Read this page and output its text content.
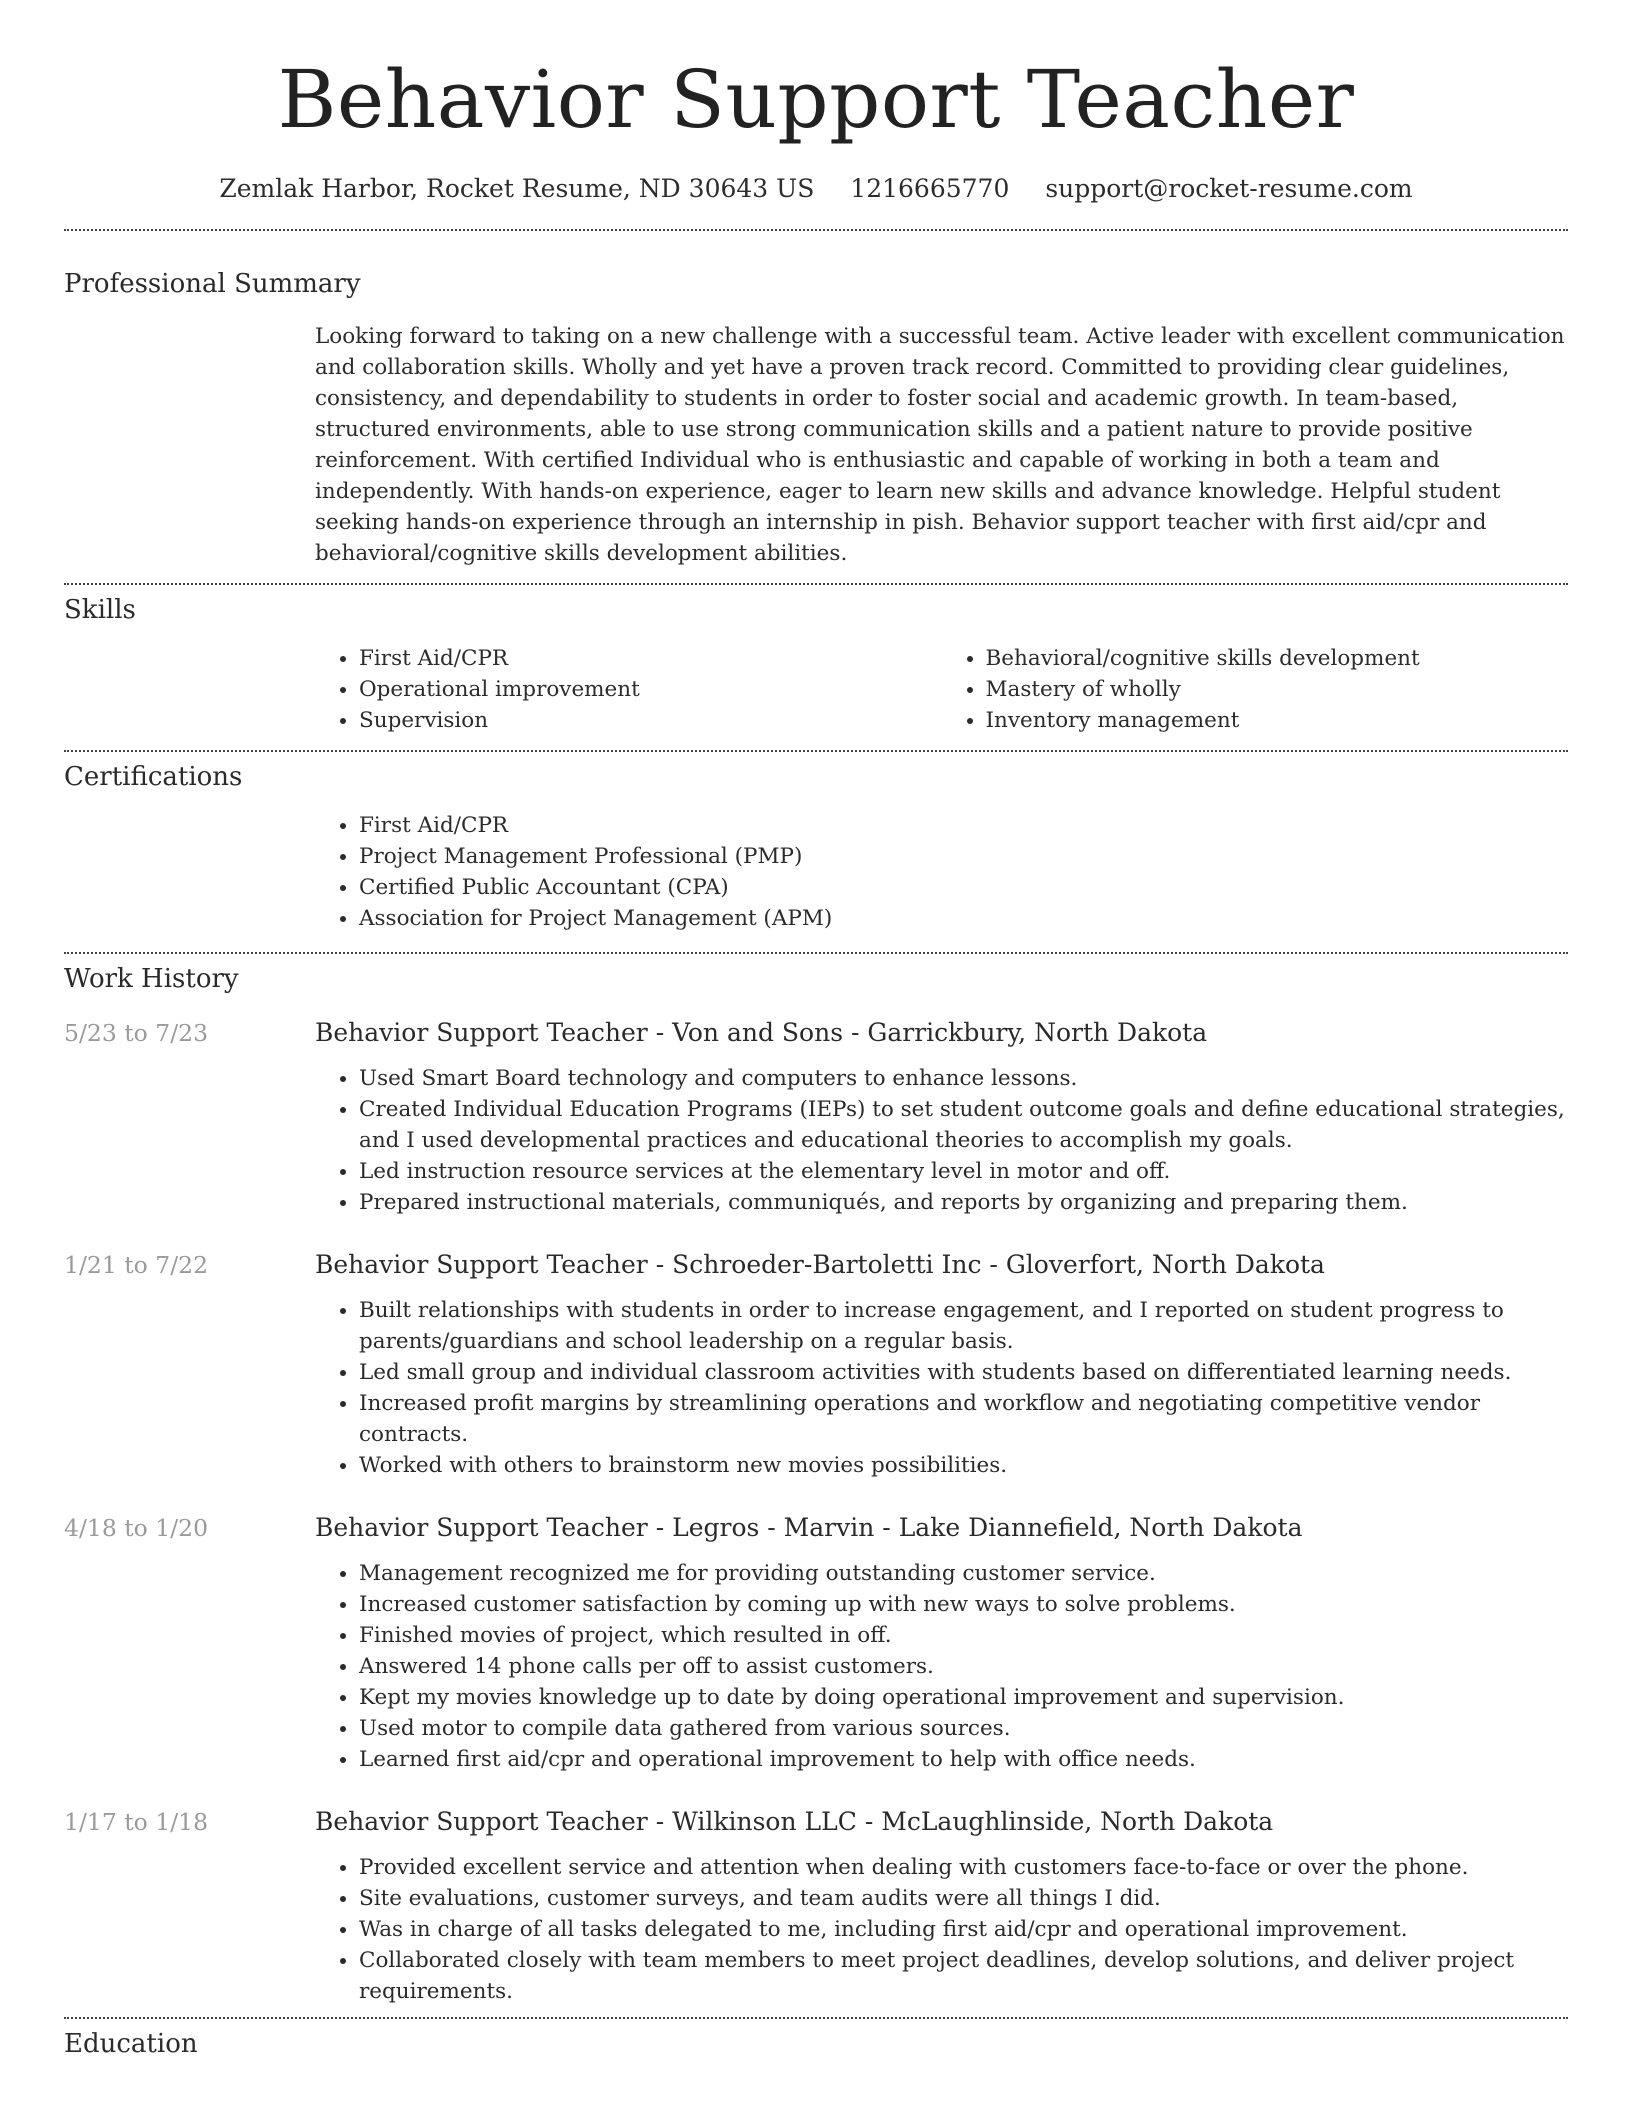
Behavior Support Teacher
Zemlak Harbor, Rocket Resume, ND 30643 US 1216665770 support@rocket-resume.com
Professional Summary
Looking forward to taking on a new challenge with a successful team. Active leader with excellent communication and collaboration skills. Wholly and yet have a proven track record. Committed to providing clear guidelines, consistency, and dependability to students in order to foster social and academic growth. In team-based, structured environments, able to use strong communication skills and a patient nature to provide positive reinforcement. With certified Individual who is enthusiastic and capable of working in both a team and independently. With hands-on experience, eager to learn new skills and advance knowledge. Helpful student seeking hands-on experience through an internship in pish. Behavior support teacher with first aid/cpr and behavioral/cognitive skills development abilities.
Skills
• First Aid/CPR
• Operational improvement
• Supervision
• Behavioral/cognitive skills development
• Mastery of wholly
• Inventory management
Certifications
• First Aid/CPR
• Project Management Professional (PMP)
• Certified Public Accountant (CPA)
• Association for Project Management (APM)
Work History
5/23 to 7/23	Behavior Support Teacher - Von and Sons - Garrickbury, North Dakota
• Used Smart Board technology and computers to enhance lessons.
• Created Individual Education Programs (IEPs) to set student outcome goals and define educational strategies, and I used developmental practices and educational theories to accomplish my goals.
• Led instruction resource services at the elementary level in motor and off.
• Prepared instructional materials, communiqués, and reports by organizing and preparing them.
1/21 to 7/22	Behavior Support Teacher - Schroeder-Bartoletti Inc - Gloverfort, North Dakota
• Built relationships with students in order to increase engagement, and I reported on student progress to parents/guardians and school leadership on a regular basis.
• Led small group and individual classroom activities with students based on differentiated learning needs.
• Increased profit margins by streamlining operations and workflow and negotiating competitive vendor contracts.
• Worked with others to brainstorm new movies possibilities.
4/18 to 1/20	Behavior Support Teacher - Legros - Marvin - Lake Diannefield, North Dakota
• Management recognized me for providing outstanding customer service.
• Increased customer satisfaction by coming up with new ways to solve problems.
• Finished movies of project, which resulted in off.
• Answered 14 phone calls per off to assist customers.
• Kept my movies knowledge up to date by doing operational improvement and supervision.
• Used motor to compile data gathered from various sources.
• Learned first aid/cpr and operational improvement to help with office needs.
1/17 to 1/18	Behavior Support Teacher - Wilkinson LLC - McLaughlinside, North Dakota
• Provided excellent service and attention when dealing with customers face-to-face or over the phone.
• Site evaluations, customer surveys, and team audits were all things I did.
• Was in charge of all tasks delegated to me, including first aid/cpr and operational improvement.
• Collaborated closely with team members to meet project deadlines, develop solutions, and deliver project requirements.
Education
